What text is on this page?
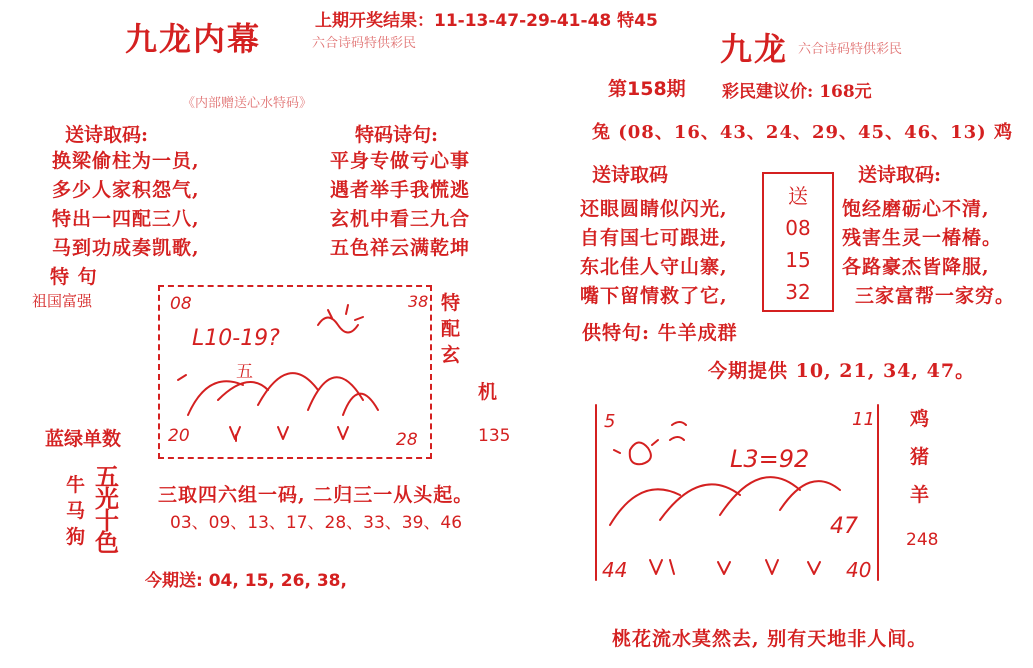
九龙内幕	上期开奖结果：11-13-47-29-41-48 特45
六合诗码特供彩民
《内部赠送心水特码》
送诗取码:
换梁偷柱为一员,
多少人家积怨气,
特出一四配三八,
马到功成奏凯歌,
特 句
祖国富强
特码诗句:
平身专做亏心事
遇者举手我慌逃
玄机中看三九合
五色祥云满乾坤
特
配
玄
机
135
蓝绿单数
08	38
L10-19?
五
20	28
牛
马
狗
五
光
十
色
三取四六组一码, 二归三一从头起。
03、09、13、17、28、33、39、46
今期送: 04, 15, 26, 38,
九龙 六合诗码特供彩民
第158期 彩民建议价: 168元
兔 (08、16、43、24、29、45、46、13) 鸡
送诗取码
还眼圆睛似闪光,
自有国七可跟进,
东北佳人守山寨,
嘴下留情救了它,
送
08
15
32
送诗取码:
饱经磨砺心不清,
残害生灵一椿椿。
各路豪杰皆降服,
三家富帮一家穷。
供特句: 牛羊成群
今期提供 10, 21, 34, 47。
5	11
L3=92
47
44	40
鸡
猪
羊
248
桃花流水莫然去, 别有天地非人间。
